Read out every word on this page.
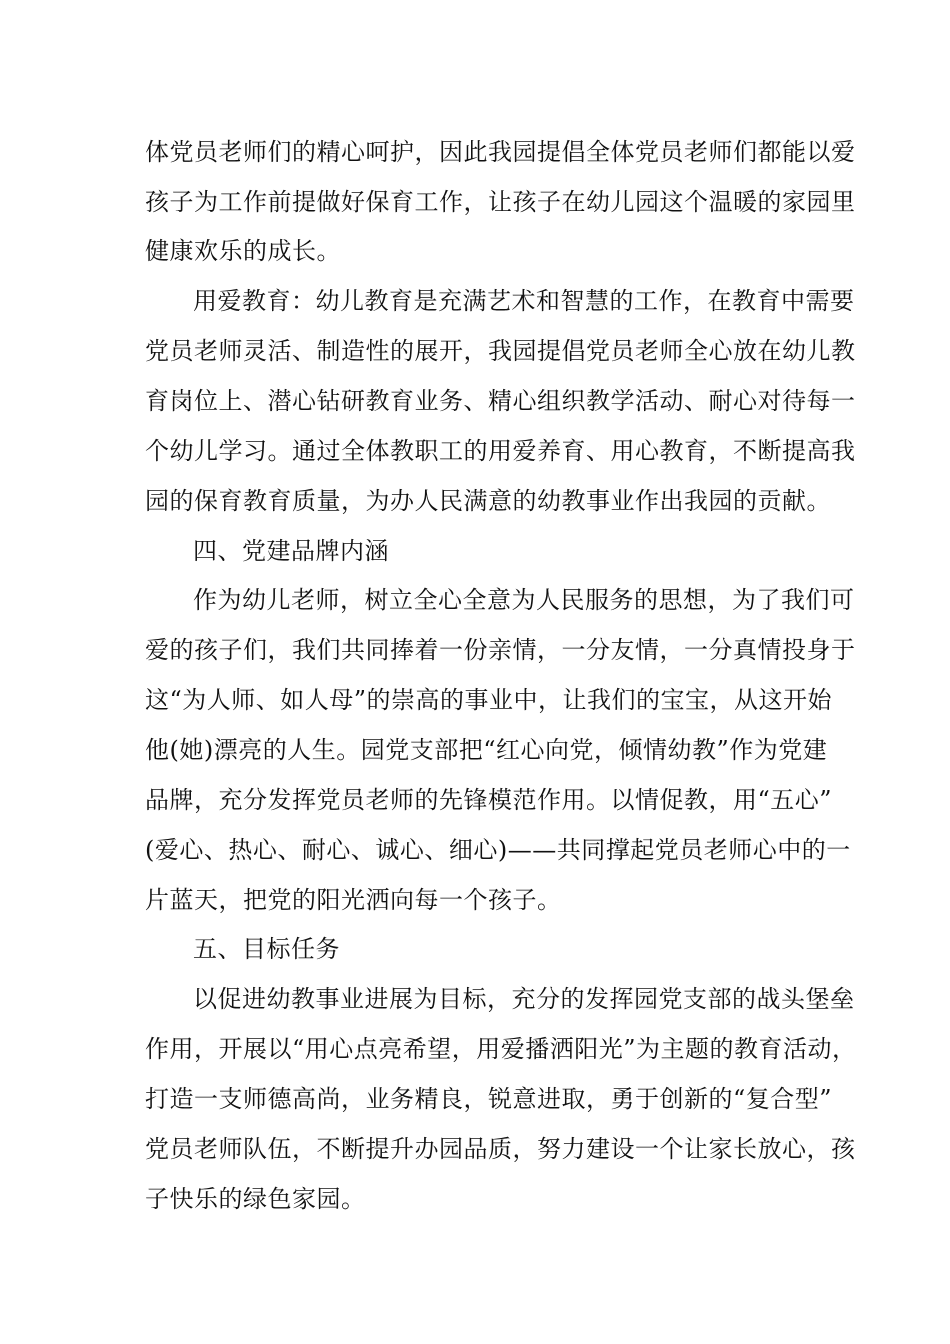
体党员老师们的精心呵护，因此我园提倡全体党员老师们都能以爱
孩子为工作前提做好保育工作，让孩子在幼儿园这个温暖的家园里
健康欢乐的成长。
用爱教育：幼儿教育是充满艺术和智慧的工作，在教育中需要
党员老师灵活、制造性的展开，我园提倡党员老师全心放在幼儿教
育岗位上、潜心钻研教育业务、精心组织教学活动、耐心对待每一
个幼儿学习。通过全体教职工的用爱养育、用心教育，不断提高我
园的保育教育质量，为办人民满意的幼教事业作出我园的贡献。
四、党建品牌内涵
作为幼儿老师，树立全心全意为人民服务的思想，为了我们可
爱的孩子们，我们共同捧着一份亲情，一分友情，一分真情投身于
这“为人师、如人母”的崇高的事业中，让我们的宝宝，从这开始
他(她)漂亮的人生。园党支部把“红心向党，倾情幼教”作为党建
品牌，充分发挥党员老师的先锋模范作用。以情促教，用“五心”
(爱心、热心、耐心、诚心、细心)——共同撑起党员老师心中的一
片蓝天，把党的阳光洒向每一个孩子。
五、目标任务
以促进幼教事业进展为目标，充分的发挥园党支部的战头堡垒
作用，开展以“用心点亮希望，用爱播洒阳光”为主题的教育活动，
打造一支师德高尚，业务精良，锐意进取，勇于创新的“复合型”
党员老师队伍，不断提升办园品质，努力建设一个让家长放心，孩
子快乐的绿色家园。
